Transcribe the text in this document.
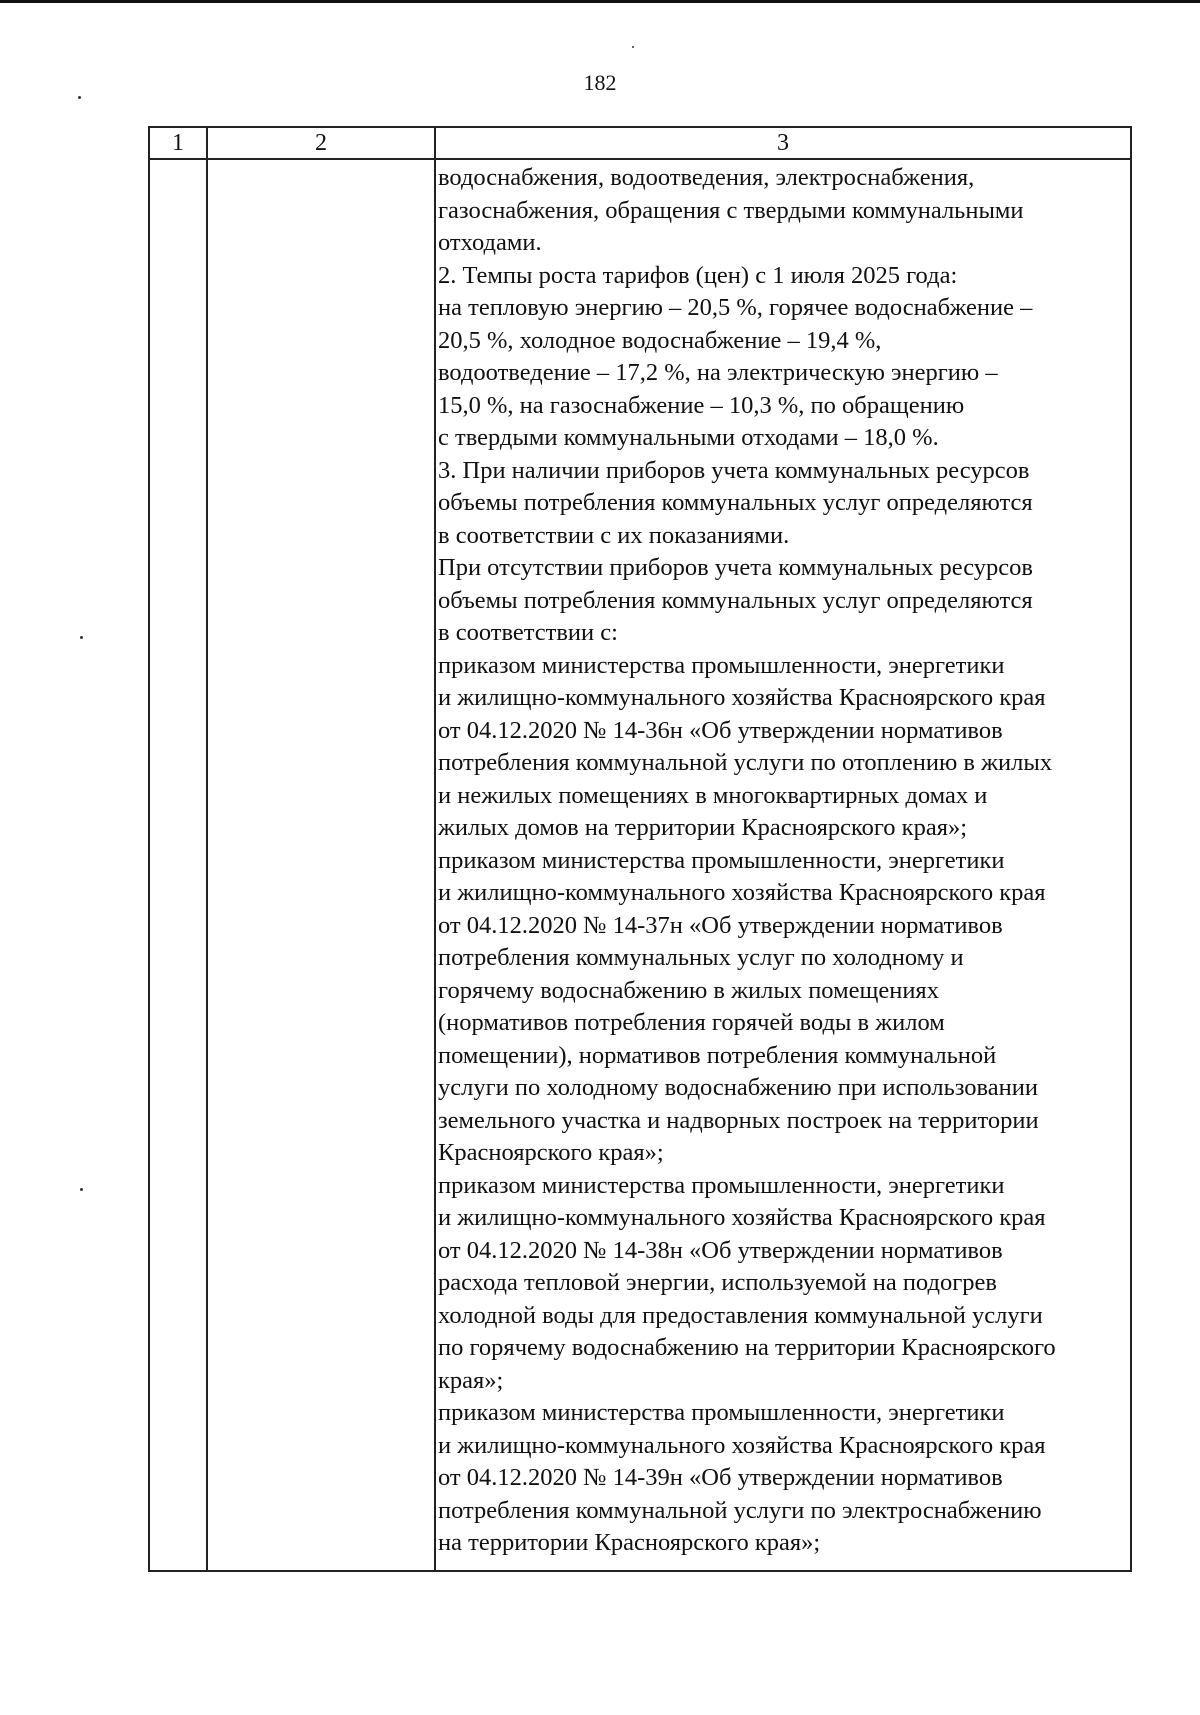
182
1	2	3
водоснабжения, водоотведения, электроснабжения,
газоснабжения, обращения с твердыми коммунальными
отходами.
2. Темпы роста тарифов (цен) с 1 июля 2025 года:
на тепловую энергию – 20,5 %, горячее водоснабжение –
20,5 %, холодное водоснабжение – 19,4 %,
водоотведение – 17,2 %, на электрическую энергию –
15,0 %, на газоснабжение – 10,3 %, по обращению
с твердыми коммунальными отходами – 18,0 %.
3. При наличии приборов учета коммунальных ресурсов
объемы потребления коммунальных услуг определяются
в соответствии с их показаниями.
При отсутствии приборов учета коммунальных ресурсов
объемы потребления коммунальных услуг определяются
в соответствии с:
приказом министерства промышленности, энергетики
и жилищно-коммунального хозяйства Красноярского края
от 04.12.2020 № 14-36н «Об утверждении нормативов
потребления коммунальной услуги по отоплению в жилых
и нежилых помещениях в многоквартирных домах и
жилых домов на территории Красноярского края»;
приказом министерства промышленности, энергетики
и жилищно-коммунального хозяйства Красноярского края
от 04.12.2020 № 14-37н «Об утверждении нормативов
потребления коммунальных услуг по холодному и
горячему водоснабжению в жилых помещениях
(нормативов потребления горячей воды в жилом
помещении), нормативов потребления коммунальной
услуги по холодному водоснабжению при использовании
земельного участка и надворных построек на территории
Красноярского края»;
приказом министерства промышленности, энергетики
и жилищно-коммунального хозяйства Красноярского края
от 04.12.2020 № 14-38н «Об утверждении нормативов
расхода тепловой энергии, используемой на подогрев
холодной воды для предоставления коммунальной услуги
по горячему водоснабжению на территории Красноярского
края»;
приказом министерства промышленности, энергетики
и жилищно-коммунального хозяйства Красноярского края
от 04.12.2020 № 14-39н «Об утверждении нормативов
потребления коммунальной услуги по электроснабжению
на территории Красноярского края»;
